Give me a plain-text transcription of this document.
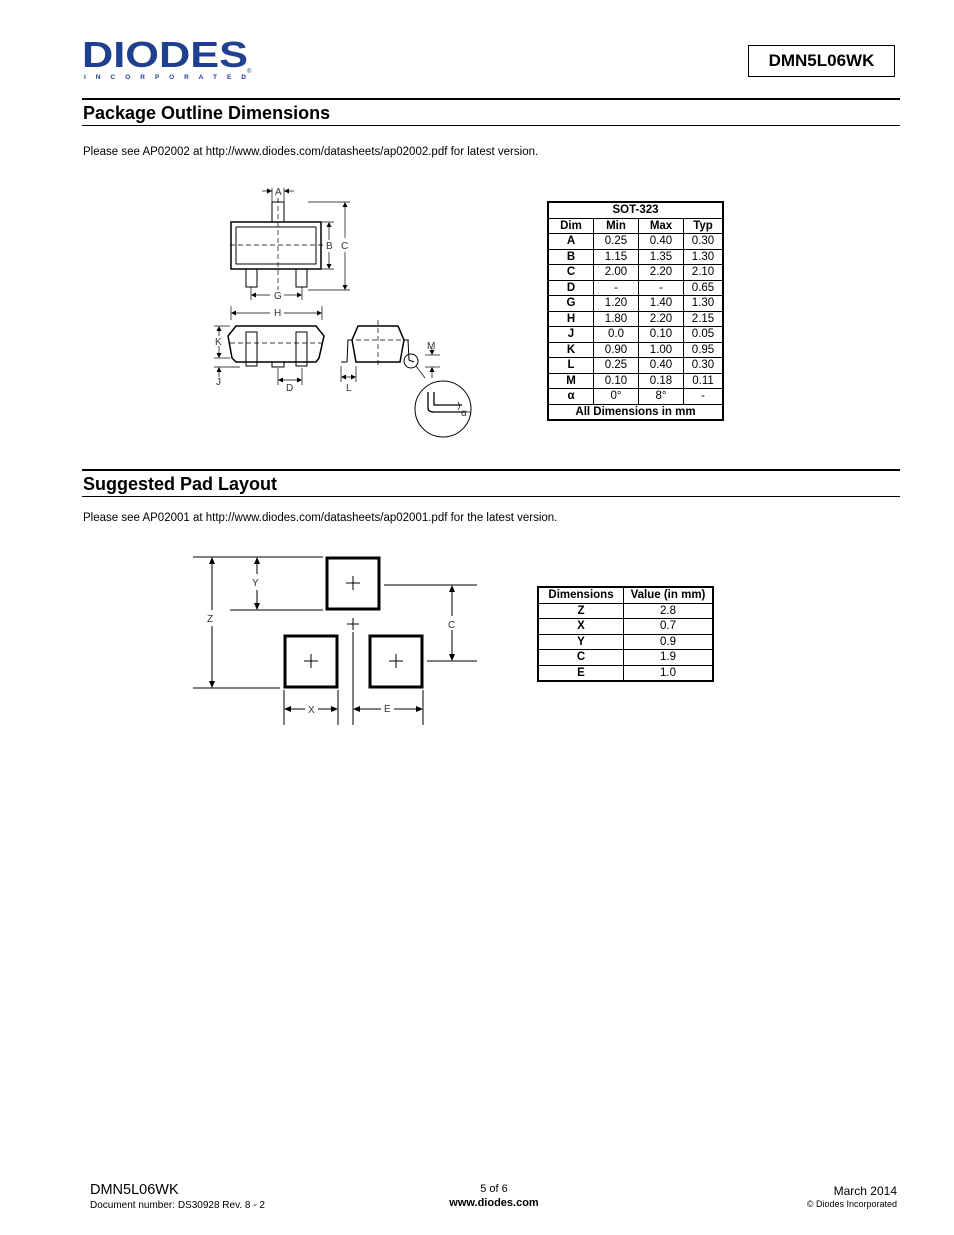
DIODES
I N C O R P O R A T E D
®
DMN5L06WK
Package Outline Dimensions
Please see AP02002 at http://www.diodes.com/datasheets/ap02002.pdf for latest version.
A
B C
G
H
K
J
D	L
M
α
SOT-323			
Dim	Min	Max	Typ
A	0.25	0.40	0.30
B	1.15	1.35	1.30
C	2.00	2.20	2.10
D	-	-	0.65
G	1.20	1.40	1.30
H	1.80	2.20	2.15
J	0.0	0.10	0.05
K	0.90	1.00	0.95
L	0.25	0.40	0.30
M	0.10	0.18	0.11
α	0°	8°	-
All Dimensions in mm			
Suggested Pad Layout
Please see AP02001 at http://www.diodes.com/datasheets/ap02001.pdf for the latest version.
Y
Z
C
X	E
Dimensions	Value (in mm)
Z	2.8
X	0.7
Y	0.9
C	1.9
E	1.0
DMN5L06WK
Document number: DS30928 Rev. 8 - 2
5 of 6
www.diodes.com
March 2014
© Diodes Incorporated
